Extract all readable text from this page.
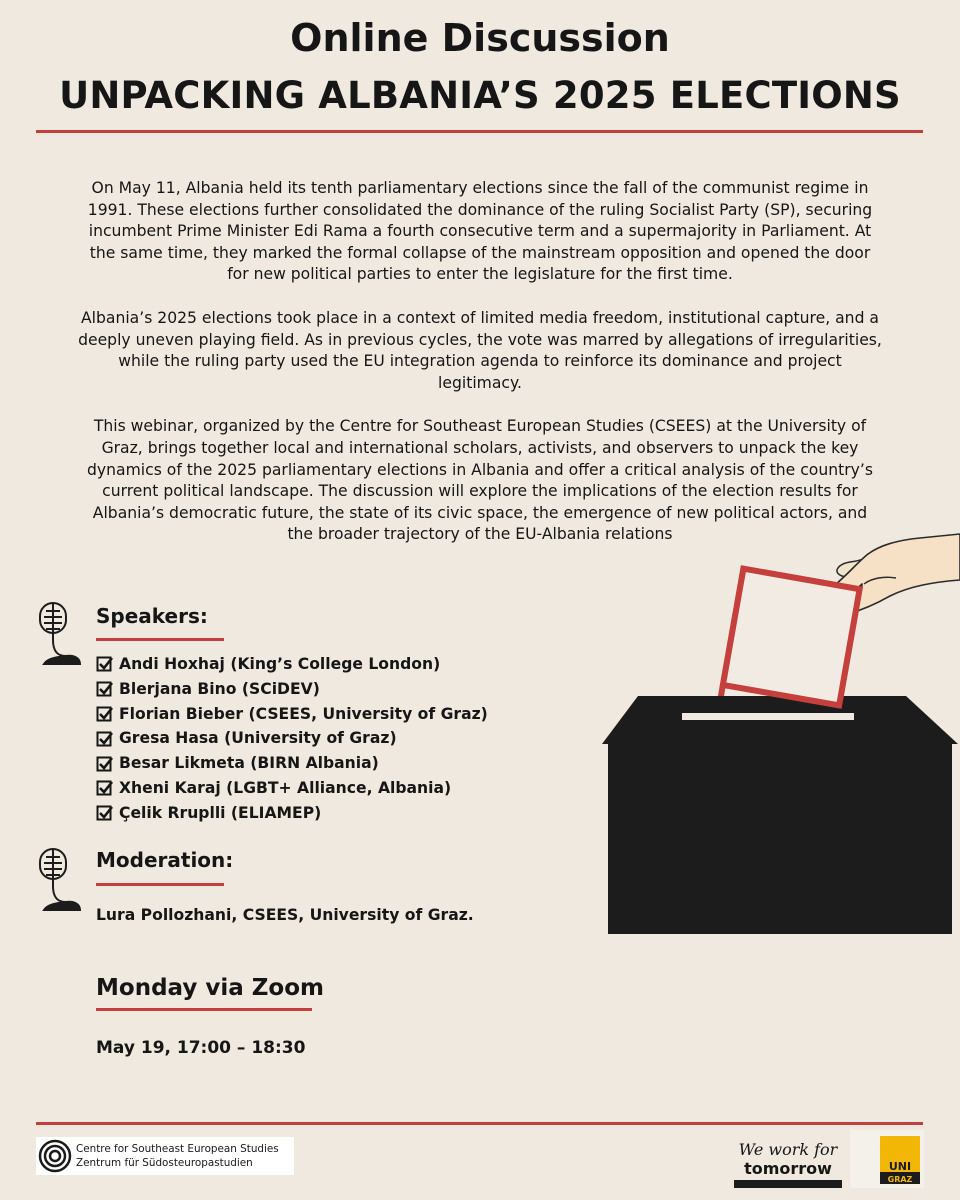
Online Discussion
UNPACKING ALBANIA’S 2025 ELECTIONS

On May 11, Albania held its tenth parliamentary elections since the fall of the communist regime in 1991. These elections further consolidated the dominance of the ruling Socialist Party (SP), securing incumbent Prime Minister Edi Rama a fourth consecutive term and a supermajority in Parliament. At the same time, they marked the formal collapse of the mainstream opposition and opened the door for new political parties to enter the legislature for the first time.

Albania’s 2025 elections took place in a context of limited media freedom, institutional capture, and a deeply uneven playing field. As in previous cycles, the vote was marred by allegations of irregularities, while the ruling party used the EU integration agenda to reinforce its dominance and project legitimacy.

This webinar, organized by the Centre for Southeast European Studies (CSEES) at the University of Graz, brings together local and international scholars, activists, and observers to unpack the key dynamics of the 2025 parliamentary elections in Albania and offer a critical analysis of the country’s current political landscape. The discussion will explore the implications of the election results for Albania’s democratic future, the state of its civic space, the emergence of new political actors, and the broader trajectory of the EU-Albania relations

Speakers:
Andi Hoxhaj (King’s College London)
Blerjana Bino (SCiDEV)
Florian Bieber (CSEES, University of Graz)
Gresa Hasa (University of Graz)
Besar Likmeta (BIRN Albania)
Xheni Karaj (LGBT+ Alliance, Albania)
Çelik Rruplli (ELIAMEP)
Moderation:

Lura Pollozhani, CSEES, University of Graz.

Monday via Zoom

May 19, 17:00 – 18:30

Centre for Southeast European Studies
Zentrum für Südosteuropastudien
We work for
tomorrow	UNI
GRAZ
